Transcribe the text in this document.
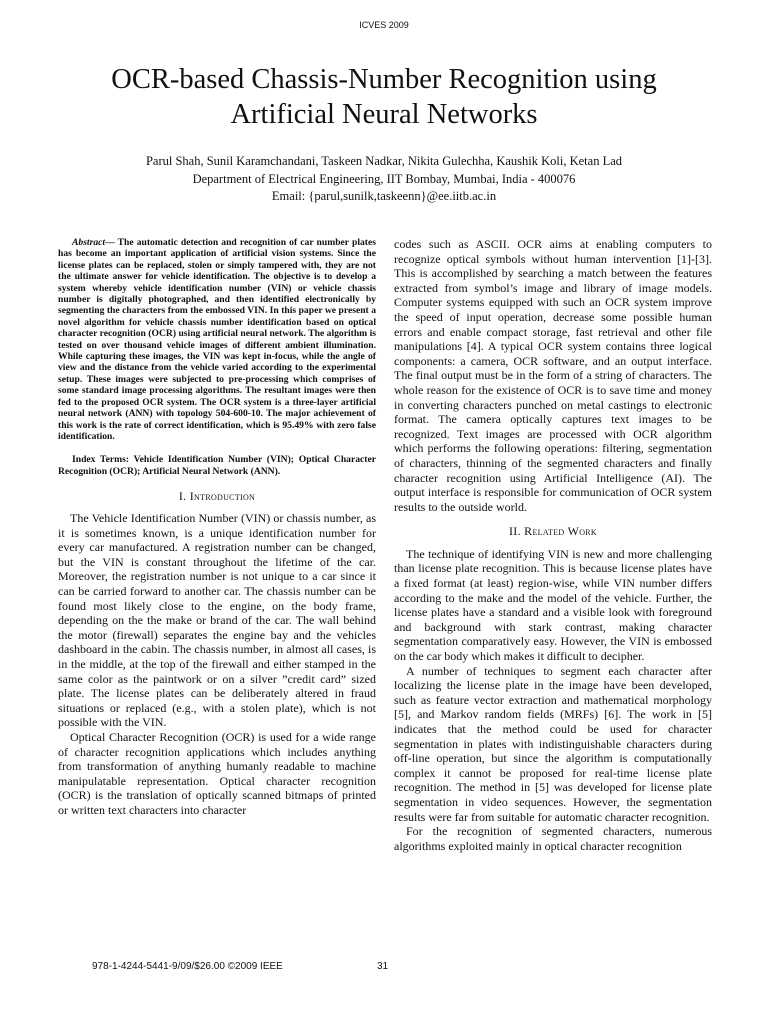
ICVES 2009
OCR-based Chassis-Number Recognition using
Artificial Neural Networks
Parul Shah, Sunil Karamchandani, Taskeen Nadkar, Nikita Gulechha, Kaushik Koli, Ketan Lad
Department of Electrical Engineering, IIT Bombay, Mumbai, India - 400076
Email: {parul,sunilk,taskeenn}@ee.iitb.ac.in

Abstract— The automatic detection and recognition of car number plates has become an important application of artificial vision systems. Since the license plates can be replaced, stolen or simply tampered with, they are not the ultimate answer for vehicle identification. The objective is to develop a system whereby vehicle identification number (VIN) or vehicle chassis number is digitally photographed, and then identified electronically by segmenting the characters from the embossed VIN. In this paper we present a novel algorithm for vehicle chassis number identification based on optical character recognition (OCR) using artificial neural network. The algorithm is tested on over thousand vehicle images of different ambient illumination. While capturing these images, the VIN was kept in-focus, while the angle of view and the distance from the vehicle varied according to the experimental setup. These images were subjected to pre-processing which comprises of some standard image processing algorithms. The resultant images were then fed to the proposed OCR system. The OCR system is a three-layer artificial neural network (ANN) with topology 504-600-10. The major achievement of this work is the rate of correct identification, which is 95.49% with zero false identification.

Index Terms: Vehicle Identification Number (VIN); Optical Character Recognition (OCR); Artificial Neural Network (ANN).

I. Introduction

The Vehicle Identification Number (VIN) or chassis number, as it is sometimes known, is a unique identification number for every car manufactured. A registration number can be changed, but the VIN is constant throughout the lifetime of the car. Moreover, the registration number is not unique to a car since it can be carried forward to another car. The chassis number can be found most likely close to the engine, on the body frame, depending on the the make or brand of the car. The wall behind the motor (firewall) separates the engine bay and the vehicles dashboard in the cabin. The chassis number, in almost all cases, is in the middle, at the top of the firewall and either stamped in the same color as the paintwork or on a silver ”credit card” sized plate. The license plates can be deliberately altered in fraud situations or replaced (e.g., with a stolen plate), which is not possible with the VIN.

Optical Character Recognition (OCR) is used for a wide range of character recognition applications which includes anything from transformation of anything humanly readable to machine manipulatable representation. Optical character recognition (OCR) is the translation of optically scanned bitmaps of printed or written text characters into character

codes such as ASCII. OCR aims at enabling computers to recognize optical symbols without human intervention [1]-[3]. This is accomplished by searching a match between the features extracted from symbol’s image and library of image models. Computer systems equipped with such an OCR system improve the speed of input operation, decrease some possible human errors and enable compact storage, fast retrieval and other file manipulations [4]. A typical OCR system contains three logical components: a camera, OCR software, and an output interface. The final output must be in the form of a string of characters. The whole reason for the existence of OCR is to save time and money in converting characters punched on metal castings to electronic format. The camera optically captures text images to be recognized. Text images are processed with OCR algorithm which performs the following operations: filtering, segmentation of characters, thinning of the segmented characters and finally character recognition using Artificial Intelligence (AI). The output interface is responsible for communication of OCR system results to the outside world.

II. Related Work

The technique of identifying VIN is new and more challenging than license plate recognition. This is because license plates have a fixed format (at least) region-wise, while VIN number differs according to the make and the model of the vehicle. Further, the license plates have a standard and a visible look with foreground and background with stark contrast, making character segmentation comparatively easy. However, the VIN is embossed on the car body which makes it difficult to decipher.

A number of techniques to segment each character after localizing the license plate in the image have been developed, such as feature vector extraction and mathematical morphology [5], and Markov random fields (MRFs) [6]. The work in [5] indicates that the method could be used for character segmentation in plates with indistinguishable characters during off-line operation, but since the algorithm is computationally complex it cannot be proposed for real-time license plate recognition. The method in [5] was developed for license plate segmentation in video sequences. However, the segmentation results were far from suitable for automatic character recognition.

For the recognition of segmented characters, numerous algorithms exploited mainly in optical character recognition

978-1-4244-5441-9/09/$26.00 ©2009 IEEE	31
